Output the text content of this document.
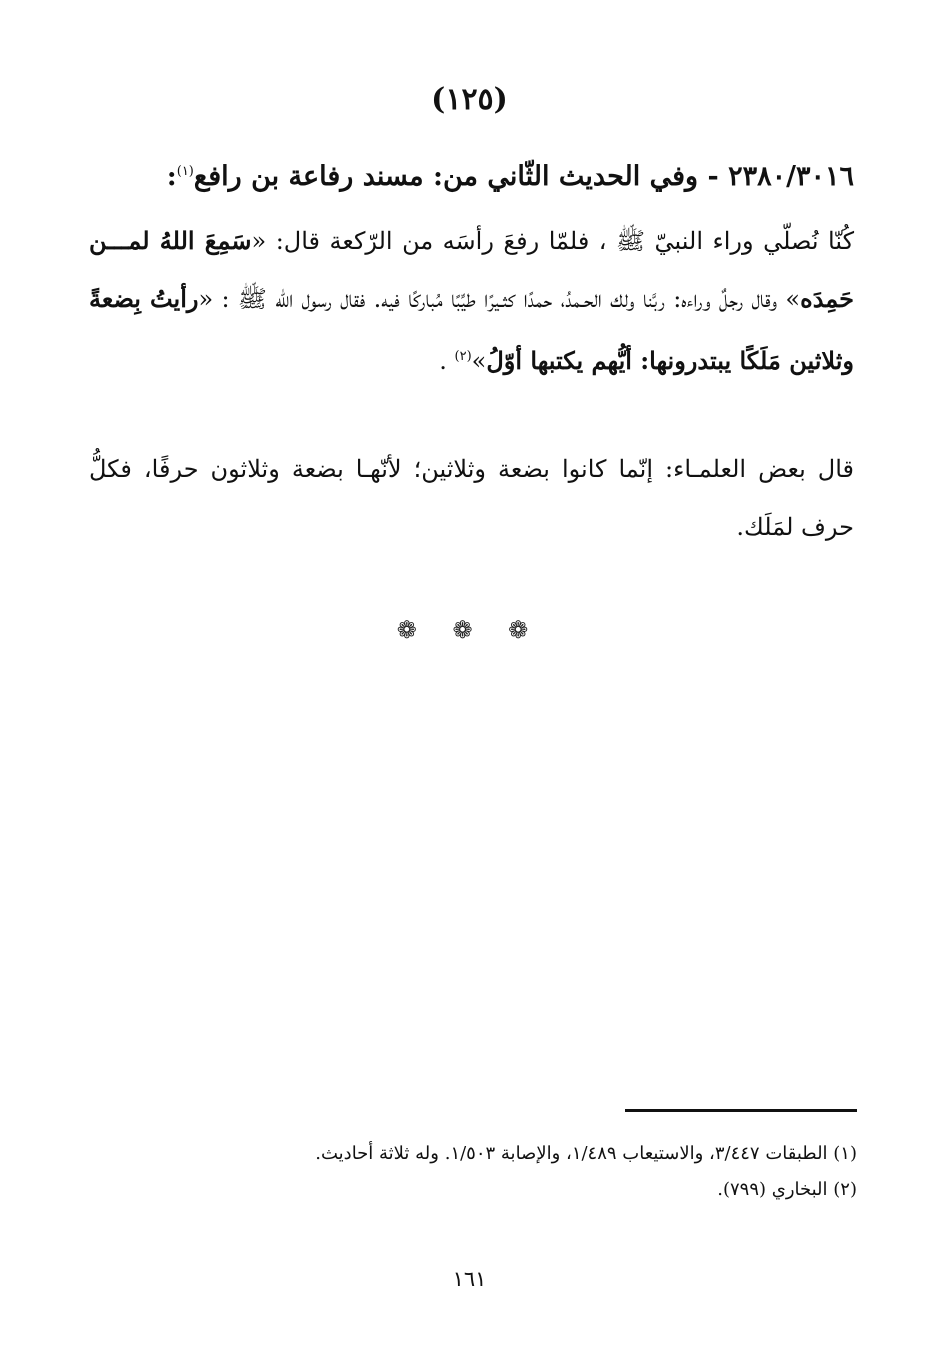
(١٢٥)
٢٣٨٠/٣٠١٦ - وفي الحديث الثّاني من: مسند رفاعة بن رافع$^{(١)}$:
كُنّا نُصلّي وراء النبيّ ﷺ ، فلمّا رفعَ رأسَه من الرّكعة قال: «سَمِعَ اللهُ لمـــن حَمِدَه» وقال رجلٌ وراءه: ربَّنا ولك الحـمدُ، حمدًا كثـيرًا طيِّبًا مُباركًا فيه. فقال رسول الله ﷺ : «رأيتُ بِضعةً وثلاثين مَلَكًا يبتدرونها: أيُّهم يكتبها أوّلُ»$^{(٢)}$ .
قال بعض العلمـاء: إنّما كانوا بضعة وثلاثين؛ لأنّهـا بضعة وثلاثون حرفًا، فكلُّ حرف لمَلَك.
❁ ❁ ❁
(١) الطبقات ٣/٤٤٧، والاستيعاب ١/٤٨٩، والإصابة ١/٥٠٣. وله ثلاثة أحاديث.
(٢) البخاري (٧٩٩).
١٦١
